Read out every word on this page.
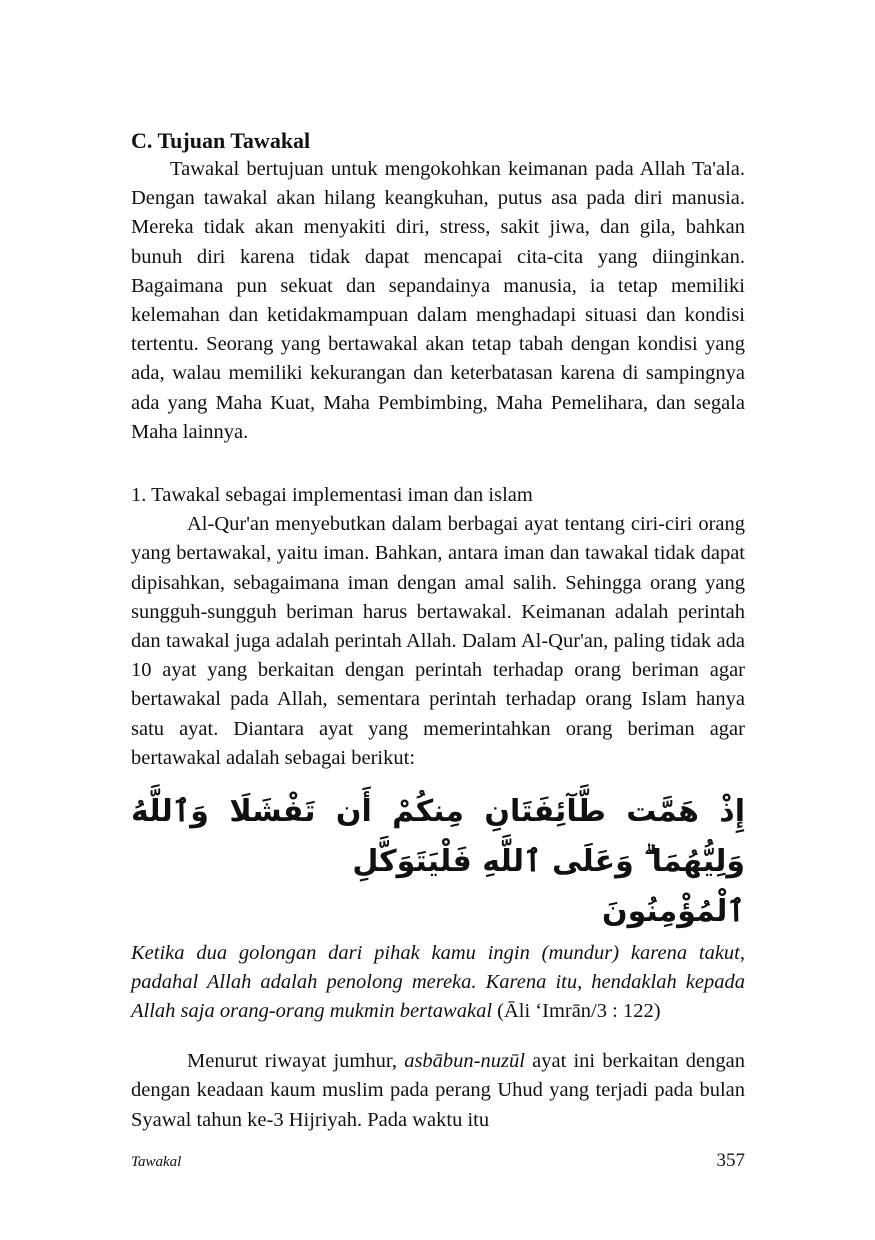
C. Tujuan Tawakal

Tawakal bertujuan untuk mengokohkan keimanan pada Allah Ta'ala. Dengan tawakal akan hilang keangkuhan, putus asa pada diri manusia. Mereka tidak akan menyakiti diri, stress, sakit jiwa, dan gila, bahkan bunuh diri karena tidak dapat mencapai cita-cita yang diinginkan. Bagaimana pun sekuat dan sepandainya manusia, ia tetap memiliki kelemahan dan ketidakmampuan dalam menghadapi situasi dan kondisi tertentu. Seorang yang bertawakal akan tetap tabah dengan kondisi yang ada, walau memiliki kekurangan dan keterbatasan karena di sampingnya ada yang Maha Kuat, Maha Pembimbing, Maha Pemelihara, dan segala Maha lainnya.

1. Tawakal sebagai implementasi iman dan islam

Al-Qur'an menyebutkan dalam berbagai ayat tentang ciri-ciri orang yang bertawakal, yaitu iman. Bahkan, antara iman dan tawakal tidak dapat dipisahkan, sebagaimana iman dengan amal salih. Sehingga orang yang sungguh-sungguh beriman harus bertawakal. Keimanan adalah perintah dan tawakal juga adalah perintah Allah. Dalam Al-Qur'an, paling tidak ada 10 ayat yang berkaitan dengan perintah terhadap orang beriman agar bertawakal pada Allah, sementara perintah terhadap orang Islam hanya satu ayat. Diantara ayat yang memerintahkan orang beriman agar bertawakal adalah sebagai berikut:

إِذْ هَمَّت طَّآئِفَتَانِ مِنكُمْ أَن تَفْشَلَا وَٱللَّهُ وَلِيُّهُمَا ۗ وَعَلَى ٱللَّهِ فَلْيَتَوَكَّلِ
ٱلْمُؤْمِنُونَ

Ketika dua golongan dari pihak kamu ingin (mundur) karena takut, padahal Allah adalah penolong mereka. Karena itu, hendaklah kepada Allah saja orang-orang mukmin bertawakal (Āli ‘Imrān/3 : 122)

Menurut riwayat jumhur, asbābun-nuzūl ayat ini berkaitan dengan dengan keadaan kaum muslim pada perang Uhud yang terjadi pada bulan Syawal tahun ke-3 Hijriyah. Pada waktu itu

Tawakal	357
